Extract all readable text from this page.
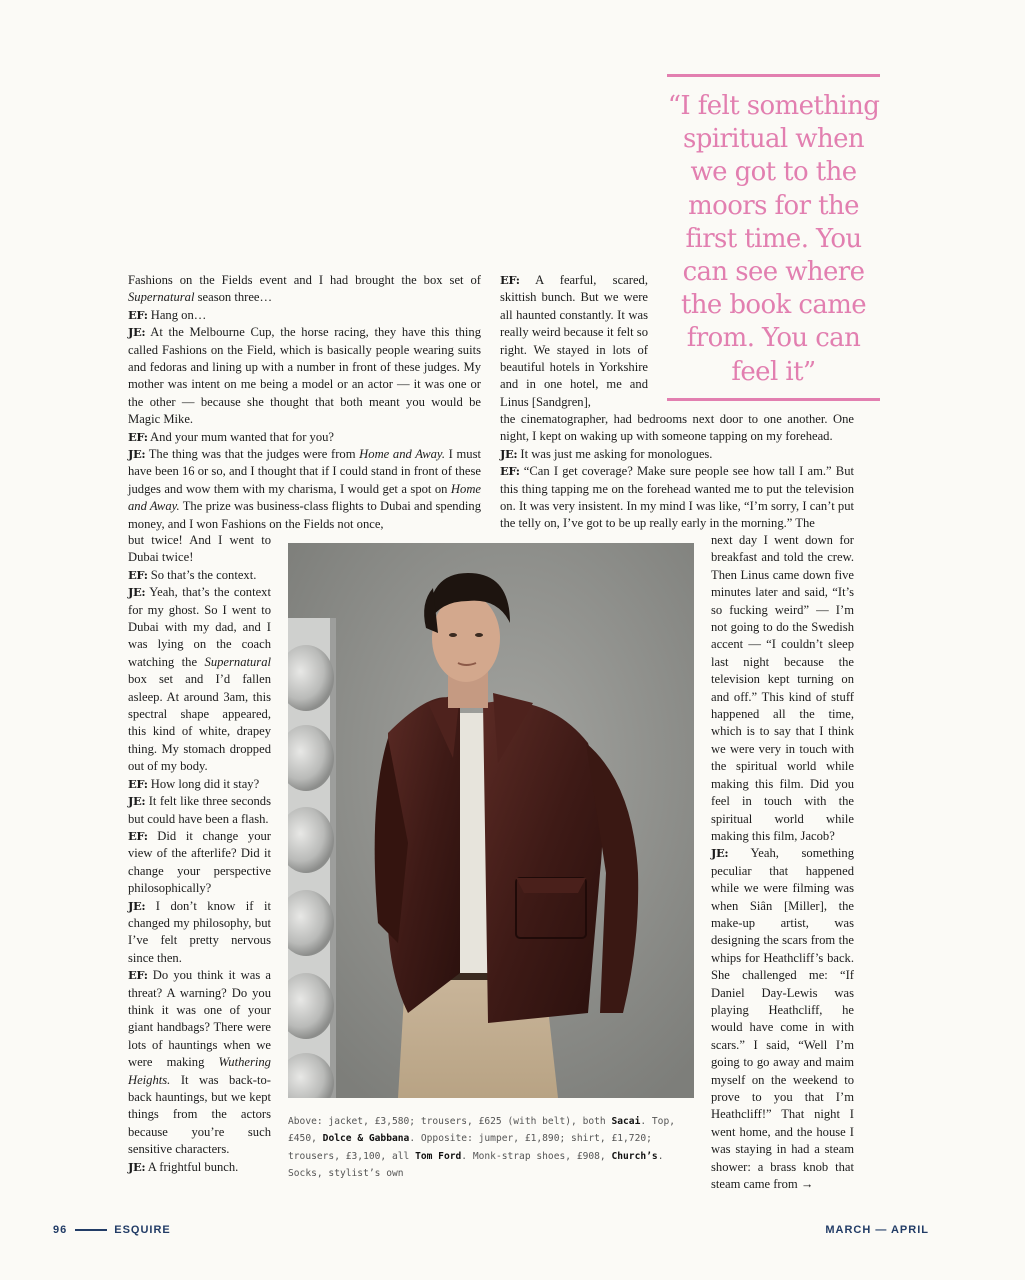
“I felt something spiritual when we got to the moors for the first time. You can see where the book came from. You can feel it”

Fashions on the Fields event and I had brought the box set of Supernatural season three…

EF: Hang on…

JE: At the Melbourne Cup, the horse racing, they have this thing called Fashions on the Field, which is basically people wearing suits and fedoras and lining up with a number in front of these judges. My mother was intent on me being a model or an actor — it was one or the other — because she thought that both meant you would be Magic Mike.

EF: And your mum wanted that for you?

JE: The thing was that the judges were from Home and Away. I must have been 16 or so, and I thought that if I could stand in front of these judges and wow them with my charisma, I would get a spot on Home and Away. The prize was business-class flights to Dubai and spending money, and I won Fashions on the Fields not once,

but twice! And I went to Dubai twice!

EF: So that’s the context.

JE: Yeah, that’s the context for my ghost. So I went to Dubai with my dad, and I was lying on the coach watching the Supernatural box set and I’d fallen asleep. At around 3am, this spectral shape appeared, this kind of white, drapey thing. My stomach dropped out of my body.

EF: How long did it stay?

JE: It felt like three seconds but could have been a flash.

EF: Did it change your view of the afterlife? Did it change your perspective philosophically?

JE: I don’t know if it changed my philosophy, but I’ve felt pretty nervous since then.

EF: Do you think it was a threat? A warning? Do you think it was one of your giant handbags? There were lots of hauntings when we were making Wuthering Heights. It was back-to-back hauntings, but we kept things from the actors because you’re such sensitive characters.

JE: A frightful bunch.

EF: A fearful, scared, skittish bunch. But we were all haunted constantly. It was really weird because it felt so right. We stayed in lots of beautiful hotels in Yorkshire and in one hotel, me and Linus [Sandgren],

the cinematographer, had bedrooms next door to one another. One night, I kept on waking up with someone tapping on my forehead.

JE: It was just me asking for monologues.

EF: “Can I get coverage? Make sure people see how tall I am.” But this thing tapping me on the forehead wanted me to put the television on. It was very insistent. In my mind I was like, “I’m sorry, I can’t put the telly on, I’ve got to be up really early in the morning.” The

next day I went down for breakfast and told the crew. Then Linus came down five minutes later and said, “It’s so fucking weird” — I’m not going to do the Swedish accent — “I couldn’t sleep last night because the television kept turning on and off.” This kind of stuff happened all the time, which is to say that I think we were very in touch with the spiritual world while making this film. Did you feel in touch with the spiritual world while making this film, Jacob?

JE: Yeah, something peculiar that happened while we were filming was when Siân [Miller], the make-up artist, was designing the scars from the whips for Heathcliff’s back. She challenged me: “If Daniel Day-Lewis was playing Heathcliff, he would have come in with scars.” I said, “Well I’m going to go away and maim myself on the weekend to prove to you that I’m Heathcliff!” That night I went home, and the house I was staying in had a steam shower: a brass knob that steam came from →

Above: jacket, £3,580; trousers, £625 (with belt), both Sacai. Top, £450, Dolce & Gabbana. Opposite: jumper, £1,890; shirt, £1,720; trousers, £3,100, all Tom Ford. Monk-strap shoes, £908, Church’s. Socks, stylist’s own
96	ESQUIRE	MARCH — APRIL
